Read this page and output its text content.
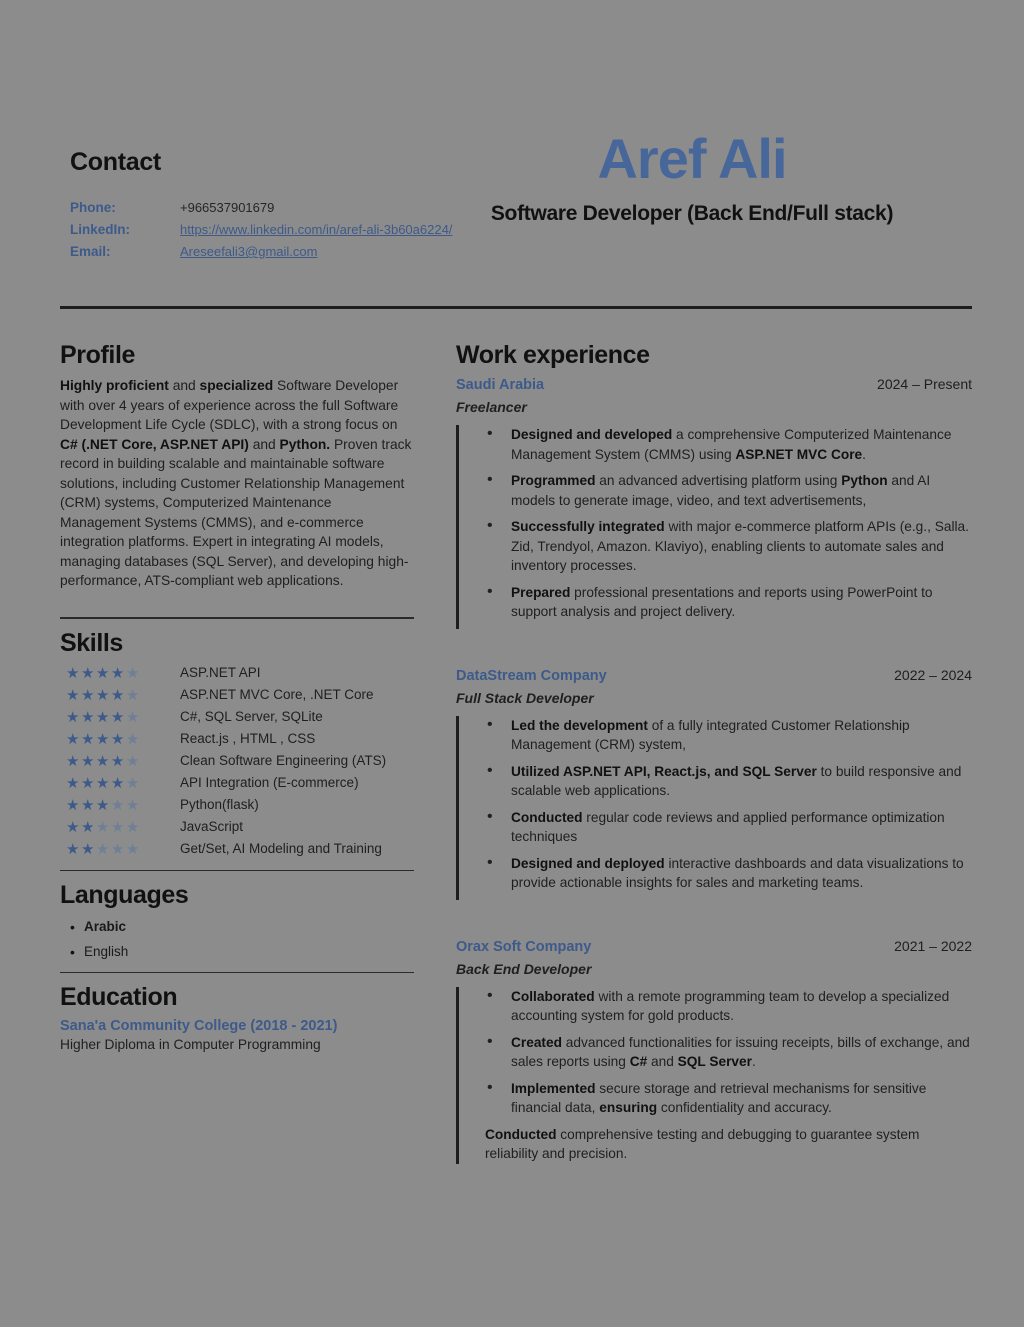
Contact
Phone:	+966537901679
LinkedIn:	https://www.linkedin.com/in/aref-ali-3b60a6224/
Email:	Areseefali3@gmail.com
Aref Ali
Software Developer (Back End/Full stack)
Profile
Highly proficient and specialized Software Developer with over 4 years of experience across the full Software Development Life Cycle (SDLC), with a strong focus on C# (.NET Core, ASP.NET API) and Python. Proven track record in building scalable and maintainable software solutions, including Customer Relationship Management (CRM) systems, Computerized Maintenance Management Systems (CMMS), and e-commerce integration platforms. Expert in integrating AI models, managing databases (SQL Server), and developing high-performance, ATS-compliant web applications.
Skills
★★★★★	ASP.NET API
★★★★★	ASP.NET MVC Core, .NET Core
★★★★★	C#, SQL Server, SQLite
★★★★★	React.js , HTML , CSS
★★★★★	Clean Software Engineering (ATS)
★★★★★	API Integration (E-commerce)
★★★★★	Python(flask)
★★★★★	JavaScript
★★★★★	Get/Set, AI Modeling and Training
Languages
• Arabic
• English
Education
Sana'a Community College (2018 - 2021)
Higher Diploma in Computer Programming
Work experience
Saudi Arabia	2024 – Present
Freelancer
• Designed and developed a comprehensive Computerized Maintenance Management System (CMMS) using ASP.NET MVC Core.
• Programmed an advanced advertising platform using Python and AI models to generate image, video, and text advertisements,
• Successfully integrated with major e-commerce platform APIs (e.g., Salla. Zid, Trendyol, Amazon. Klaviyo), enabling clients to automate sales and inventory processes.
• Prepared professional presentations and reports using PowerPoint to support analysis and project delivery.
DataStream Company	2022 – 2024
Full Stack Developer
• Led the development of a fully integrated Customer Relationship Management (CRM) system,
• Utilized ASP.NET API, React.js, and SQL Server to build responsive and scalable web applications.
• Conducted regular code reviews and applied performance optimization techniques
• Designed and deployed interactive dashboards and data visualizations to provide actionable insights for sales and marketing teams.
Orax Soft Company	2021 – 2022
Back End Developer
• Collaborated with a remote programming team to develop a specialized accounting system for gold products.
• Created advanced functionalities for issuing receipts, bills of exchange, and sales reports using C# and SQL Server.
• Implemented secure storage and retrieval mechanisms for sensitive financial data, ensuring confidentiality and accuracy.
Conducted comprehensive testing and debugging to guarantee system reliability and precision.
